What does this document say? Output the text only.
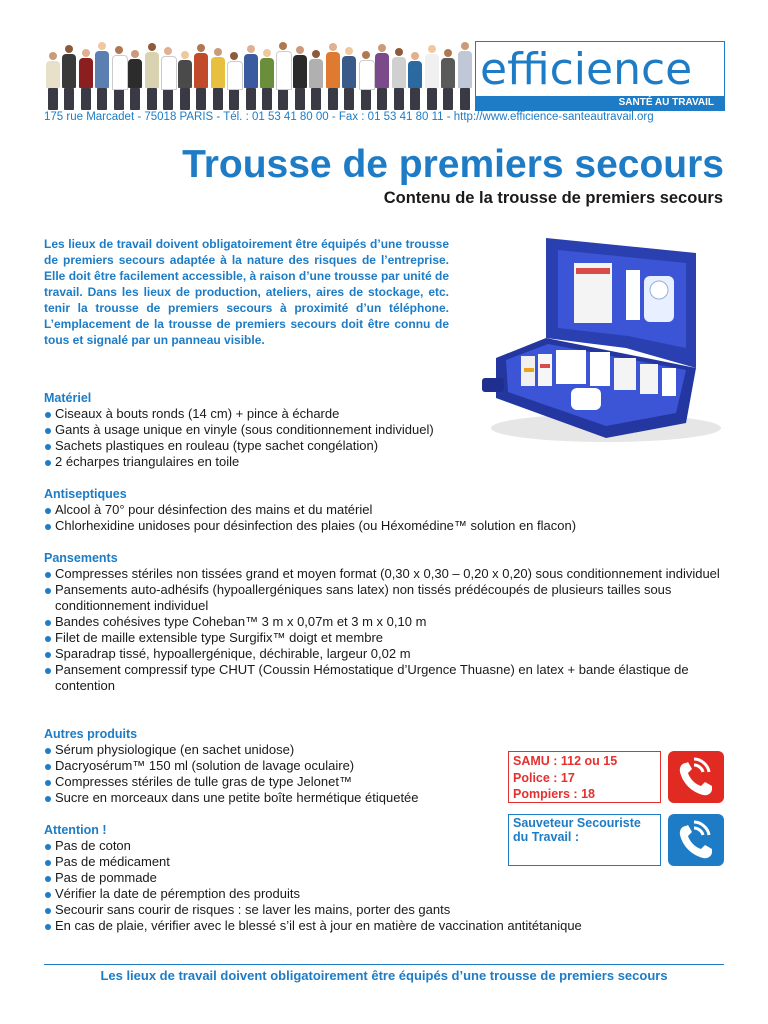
efficience
SANTÉ AU TRAVAIL
175 rue Marcadet - 75018 PARIS - Tél. : 01 53 41 80 00 - Fax : 01 53 41 80 11 - http://www.efficience-santeautravail.org
Trousse de premiers secours
Contenu de la trousse de premiers secours
Les lieux de travail doivent obligatoirement être équipés d’une trousse de premiers secours adaptée à la nature des risques de l’entreprise. Elle doit être facilement accessible, à raison d’une trousse par unité de travail. Dans les lieux de production, ateliers, aires de stockage, etc. tenir la trousse de premiers secours à proximité d’un téléphone. L’emplacement de la trousse de premiers secours doit être connu de tous et signalé par un panneau visible.
Matériel
Ciseaux à bouts ronds (14 cm) + pince à écharde
Gants à usage unique en vinyle (sous conditionnement individuel)
Sachets plastiques en rouleau (type sachet congélation)
2 écharpes triangulaires en toile
Antiseptiques
Alcool à 70° pour désinfection des mains et du matériel
Chlorhexidine unidoses pour désinfection des plaies (ou Héxomédine™ solution en flacon)
Pansements
Compresses stériles non tissées grand et moyen format (0,30 x 0,30 – 0,20 x 0,20) sous conditionnement individuel
Pansements auto-adhésifs (hypoallergéniques sans latex) non tissés prédécoupés de plusieurs tailles sous conditionnement individuel
Bandes cohésives type Coheban™ 3 m x 0,07m et 3 m x 0,10 m
Filet de maille extensible type Surgifix™ doigt et membre
Sparadrap tissé, hypoallergénique, déchirable, largeur 0,02 m
Pansement compressif type CHUT (Coussin Hémostatique d’Urgence Thuasne) en latex + bande élastique de contention
Autres produits
Sérum physiologique (en sachet unidose)
Dacryosérum™ 150 ml (solution de lavage oculaire)
Compresses stériles de tulle gras de type Jelonet™
Sucre en morceaux dans une petite boîte hermétique étiquetée
Attention !
Pas de coton
Pas de médicament
Pas de pommade
Vérifier la date de péremption des produits
Secourir sans courir de risques : se laver les mains, porter des gants
En cas de plaie, vérifier avec le blessé s’il est à jour en matière de vaccination antitétanique
SAMU : 112 ou 15
Police : 17
Pompiers : 18
Sauveteur Secouriste du Travail :
Les lieux de travail doivent obligatoirement être équipés d’une trousse de premiers secours
